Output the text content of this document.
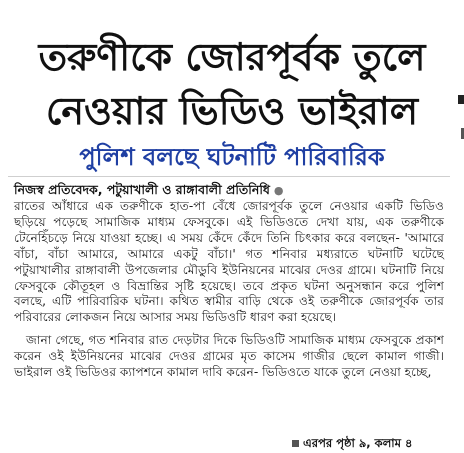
তরুণীকে জোরপূর্বক তুলে
নেওয়ার ভিডিও ভাইরাল
পুলিশ বলছে ঘটনাটি পারিবারিক
নিজস্ব প্রতিবেদক, পটুয়াখালী ও রাঙ্গাবালী প্রতিনিধি ●

রাতের আঁধারে এক তরুণীকে হাত-পা বেঁধে জোরপূর্বক তুলে নেওয়ার একটি ভিডিও ছড়িয়ে পড়েছে সামাজিক মাধ্যম ফেসবুকে। এই ভিডিওতে দেখা যায়, এক তরুণীকে টেনেহিঁচড়ে নিয়ে যাওয়া হচ্ছে। এ সময় কেঁদে কেঁদে তিনি চিৎকার করে বলছেন- 'আমারে বাঁচা, বাঁচা আমারে, আমারে একটু বাঁচা।' গত শনিবার মধ্যরাতে ঘটনাটি ঘটেছে পটুয়াখালীর রাঙ্গাবালী উপজেলার মৌডুবি ইউনিয়নের মাঝের দেওর গ্রামে। ঘটনাটি নিয়ে ফেসবুকে কৌতূহল ও বিভ্রান্তির সৃষ্টি হয়েছে। তবে প্রকৃত ঘটনা অনুসন্ধান করে পুলিশ বলছে, এটি পারিবারিক ঘটনা। কথিত স্বামীর বাড়ি থেকে ওই তরুণীকে জোরপূর্বক তার পরিবারের লোকজন নিয়ে আসার সময় ভিডিওটি ধারণ করা হয়েছে।

জানা গেছে, গত শনিবার রাত দেড়টার দিকে ভিডিওটি সামাজিক মাধ্যম ফেসবুকে প্রকাশ করেন ওই ইউনিয়নের মাঝের দেওর গ্রামের মৃত কাসেম গাজীর ছেলে কামাল গাজী। ভাইরাল ওই ভিডিওর ক্যাপশনে কামাল দাবি করেন- ভিডিওতে যাকে তুলে নেওয়া হচ্ছে,

এরপর পৃষ্ঠা ৯, কলাম ৪
